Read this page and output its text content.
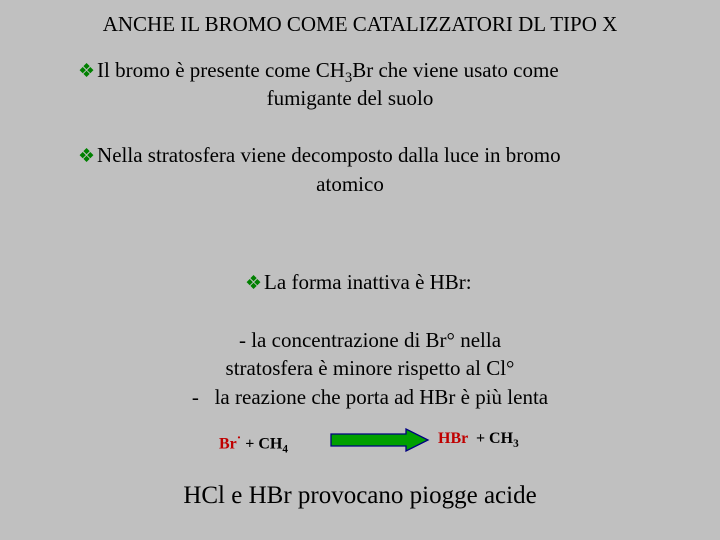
ANCHE IL BROMO COME CATALIZZATORI DL TIPO X
❖Il bromo è presente come $CH_3Br$ che viene usato come
fumigante del suolo
❖Nella stratosfera viene decomposto dalla luce in bromo
atomico
❖La forma inattiva è HBr:
- la concentrazione di Br° nella
stratosfera è minore rispetto al Cl°
-   la reazione che porta ad HBr è più lenta
$Br^\cdot + CH_4$
HBr + $CH_3$
HCl e HBr provocano piogge acide
